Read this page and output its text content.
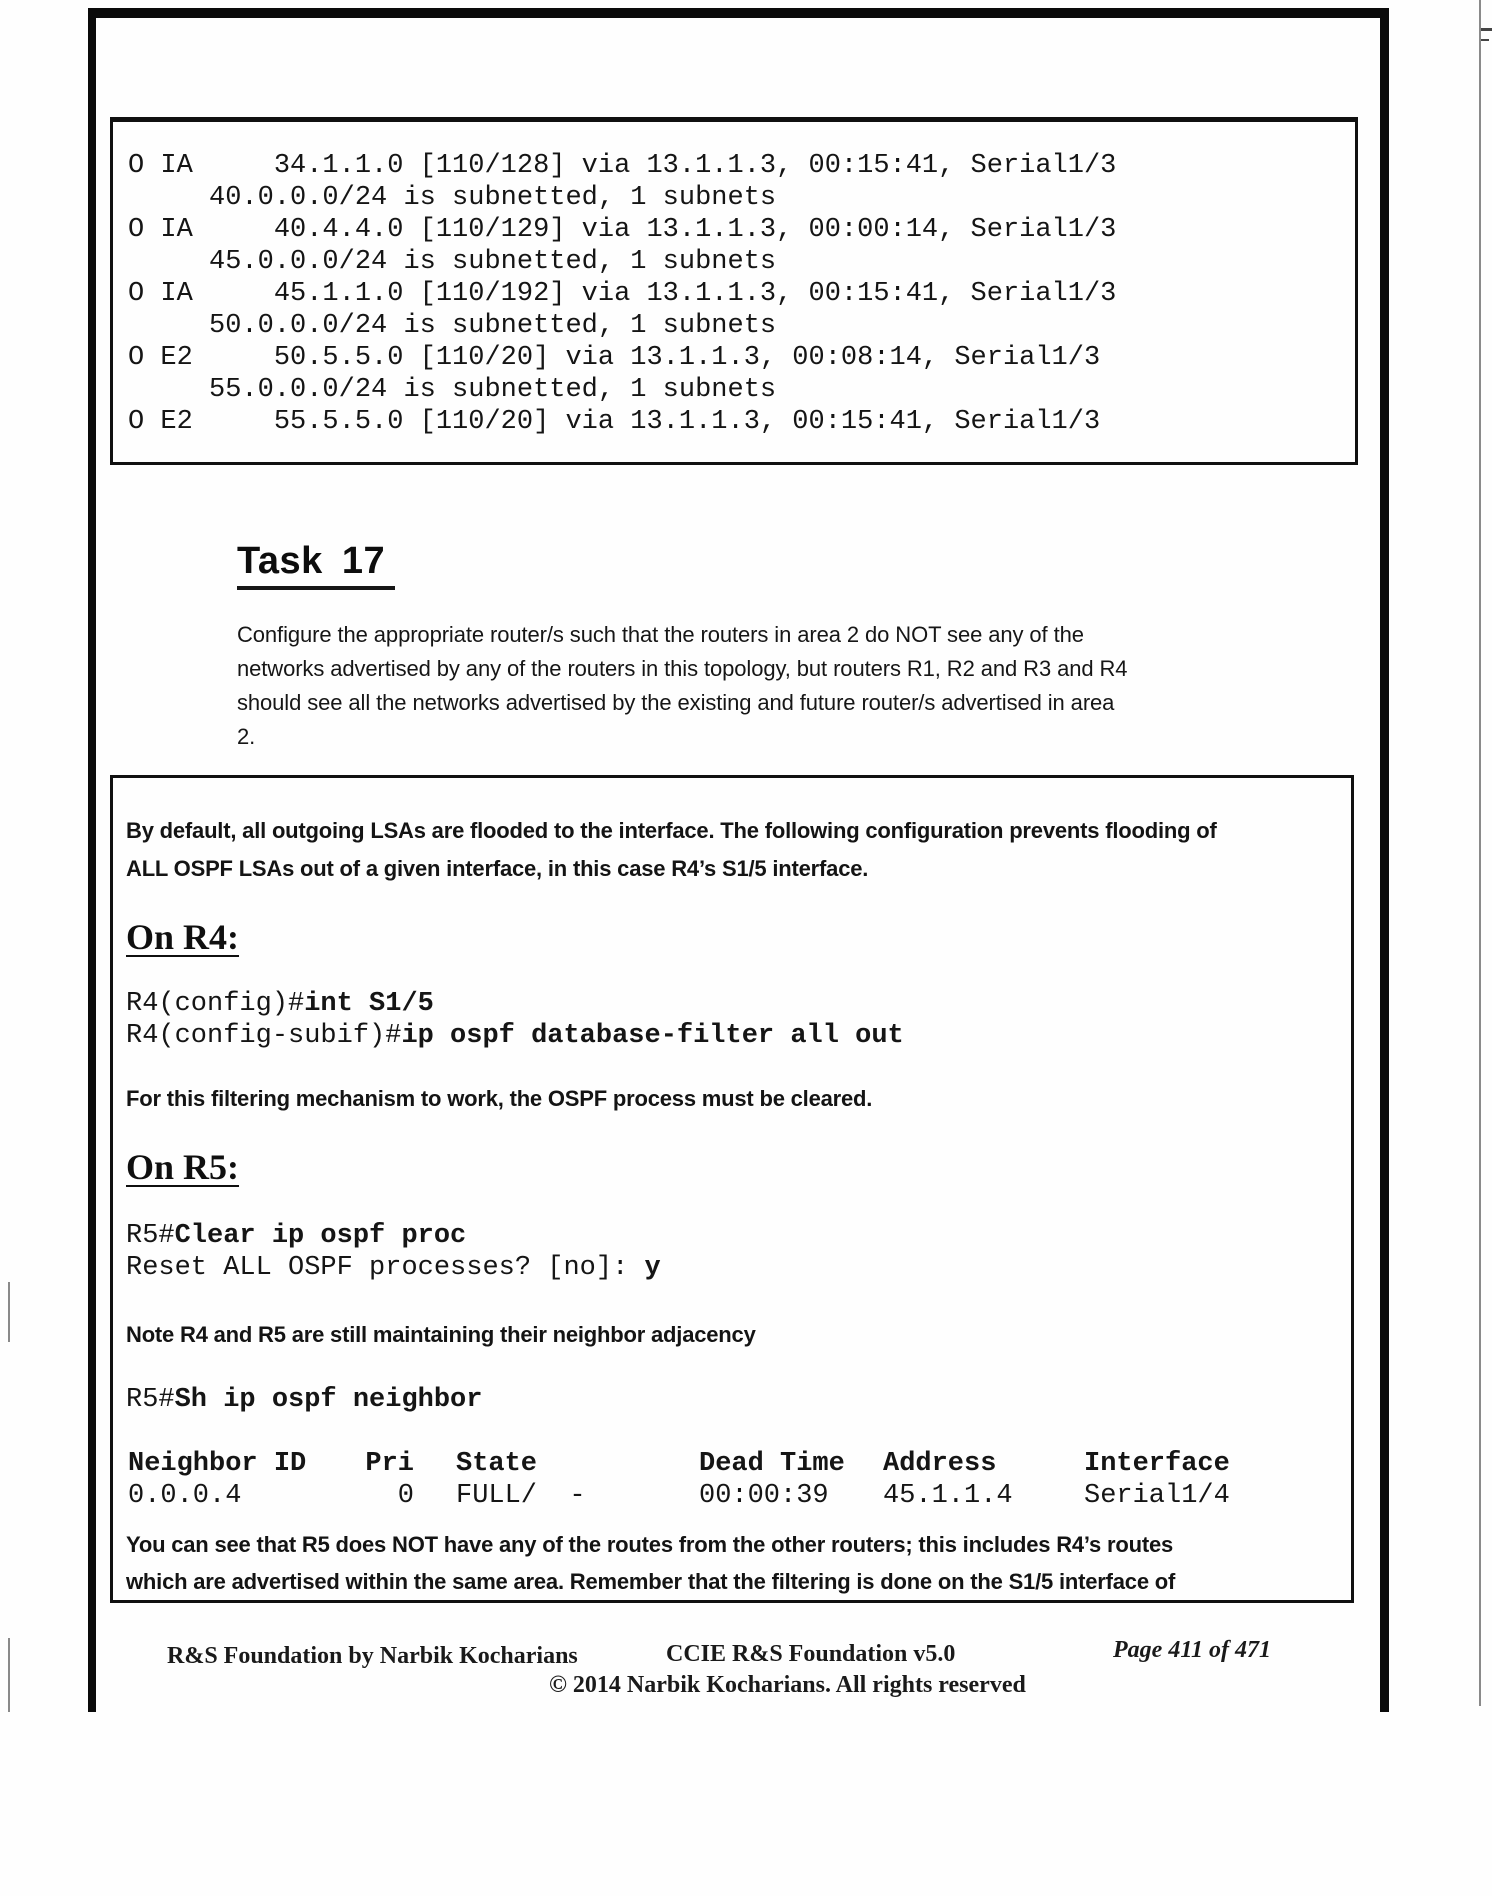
O IA     34.1.1.0 [110/128] via 13.1.1.3, 00:15:41, Serial1/3
40.0.0.0/24 is subnetted, 1 subnets
O IA     40.4.4.0 [110/129] via 13.1.1.3, 00:00:14, Serial1/3
45.0.0.0/24 is subnetted, 1 subnets
O IA     45.1.1.0 [110/192] via 13.1.1.3, 00:15:41, Serial1/3
50.0.0.0/24 is subnetted, 1 subnets
O E2     50.5.5.0 [110/20] via 13.1.1.3, 00:08:14, Serial1/3
55.0.0.0/24 is subnetted, 1 subnets
O E2     55.5.5.0 [110/20] via 13.1.1.3, 00:15:41, Serial1/3
Task 17
Configure the appropriate router/s such that the routers in area 2 do NOT see any of the
networks advertised by any of the routers in this topology, but routers R1, R2 and R3 and R4
should see all the networks advertised by the existing and future router/s advertised in area
2.
By default, all outgoing LSAs are flooded to the interface. The following configuration prevents flooding of
ALL OSPF LSAs out of a given interface, in this case R4’s S1/5 interface.
On R4:
R4(config)#int S1/5
R4(config-subif)#ip ospf database-filter all out
For this filtering mechanism to work, the OSPF process must be cleared.
On R5:
R5#Clear ip ospf proc
Reset ALL OSPF processes? [no]: y
Note R4 and R5 are still maintaining their neighbor adjacency
R5#Sh ip ospf neighbor
Neighbor ID	Pri	State	Dead Time	Address	Interface
0.0.0.4	0	FULL/  -	00:00:39	45.1.1.4	Serial1/4
You can see that R5 does NOT have any of the routes from the other routers; this includes R4’s routes
which are advertised within the same area. Remember that the filtering is done on the S1/5 interface of
R&S Foundation by Narbik Kocharians	CCIE R&S Foundation v5.0	Page 411 of 471
© 2014 Narbik Kocharians. All rights reserved
